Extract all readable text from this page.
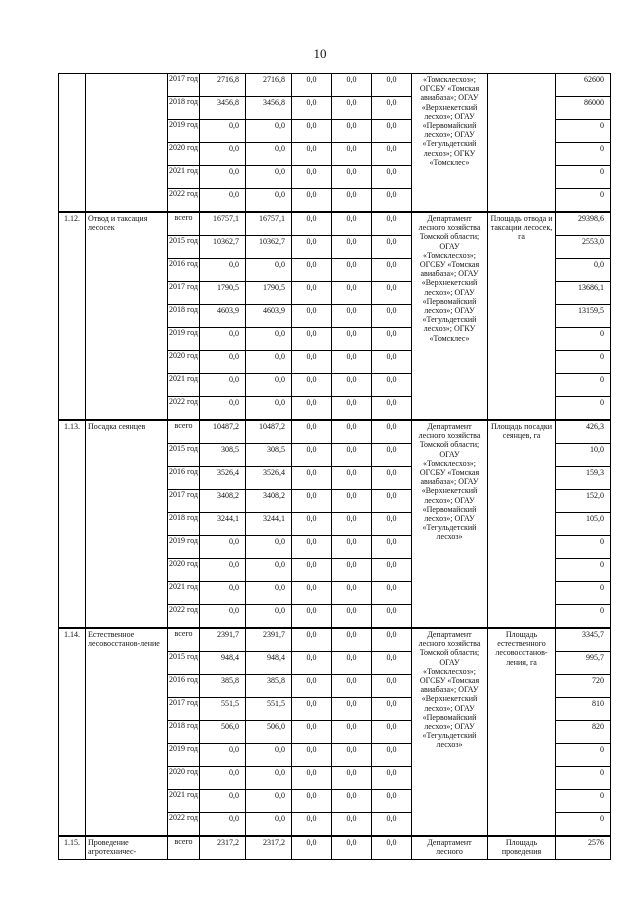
10
		2017 год	2716,8	2716,8	0,0	0,0	0,0	«Томсклесхоз»; ОГСБУ «Томская авиабаза»; ОГАУ «Верхнекетский лесхоз»; ОГАУ «Первомайский лесхоз»; ОГАУ «Тегульдетский лесхоз»; ОГКУ «Томсклес»		62600
		2018 год	3456,8	3456,8	0,0	0,0	0,0			86000
		2019 год	0,0	0,0	0,0	0,0	0,0			0
		2020 год	0,0	0,0	0,0	0,0	0,0			0
		2021 год	0,0	0,0	0,0	0,0	0,0			0
		2022 год	0,0	0,0	0,0	0,0	0,0			0
1.12.	Отвод и таксация лесосек	всего	16757,1	16757,1	0,0	0,0	0,0	Департамент лесного хозяйства Томской области; ОГАУ «Томсклесхоз»; ОГСБУ «Томская авиабаза»; ОГАУ «Верхнекетский лесхоз»; ОГАУ «Первомайский лесхоз»; ОГАУ «Тегульдетский лесхоз»; ОГКУ «Томсклес»	Площадь отвода и таксации лесосек, га	29398,6
		2015 год	10362,7	10362,7	0,0	0,0	0,0			2553,0
		2016 год	0,0	0,0	0,0	0,0	0,0			0,0
		2017 год	1790,5	1790,5	0,0	0,0	0,0			13686,1
		2018 год	4603,9	4603,9	0,0	0,0	0,0			13159,5
		2019 год	0,0	0,0	0,0	0,0	0,0			0
		2020 год	0,0	0,0	0,0	0,0	0,0			0
		2021 год	0,0	0,0	0,0	0,0	0,0			0
		2022 год	0,0	0,0	0,0	0,0	0,0			0
1.13.	Посадка сеянцев	всего	10487,2	10487,2	0,0	0,0	0,0	Департамент лесного хозяйства Томской области; ОГАУ «Томсклесхоз»; ОГСБУ «Томская авиабаза»; ОГАУ «Верхнекетский лесхоз»; ОГАУ «Первомайский лесхоз»; ОГАУ «Тегульдетский лесхоз»	Площадь посадки сеянцев, га	426,3
		2015 год	308,5	308,5	0,0	0,0	0,0			10,0
		2016 год	3526,4	3526,4	0,0	0,0	0,0			159,3
		2017 год	3408,2	3408,2	0,0	0,0	0,0			152,0
		2018 год	3244,1	3244,1	0,0	0,0	0,0			105,0
		2019 год	0,0	0,0	0,0	0,0	0,0			0
		2020 год	0,0	0,0	0,0	0,0	0,0			0
		2021 год	0,0	0,0	0,0	0,0	0,0			0
		2022 год	0,0	0,0	0,0	0,0	0,0			0
1.14.	Естественное лесовосстанов-ление	всего	2391,7	2391,7	0,0	0,0	0,0	Департамент лесного хозяйства Томской области; ОГАУ «Томсклесхоз»; ОГСБУ «Томская авиабаза»; ОГАУ «Верхнекетский лесхоз»; ОГАУ «Первомайский лесхоз»; ОГАУ «Тегульдетский лесхоз»	Площадь естественного лесовосстанов-ления, га	3345,7
		2015 год	948,4	948,4	0,0	0,0	0,0			995,7
		2016 год	385,8	385,8	0,0	0,0	0,0			720
		2017 год	551,5	551,5	0,0	0,0	0,0			810
		2018 год	506,0	506,0	0,0	0,0	0,0			820
		2019 год	0,0	0,0	0,0	0,0	0,0			0
		2020 год	0,0	0,0	0,0	0,0	0,0			0
		2021 год	0,0	0,0	0,0	0,0	0,0			0
		2022 год	0,0	0,0	0,0	0,0	0,0			0
1.15.	Проведение агротехничес-	всего	2317,2	2317,2	0,0	0,0	0,0	Департамент лесного	Площадь проведения	2576
